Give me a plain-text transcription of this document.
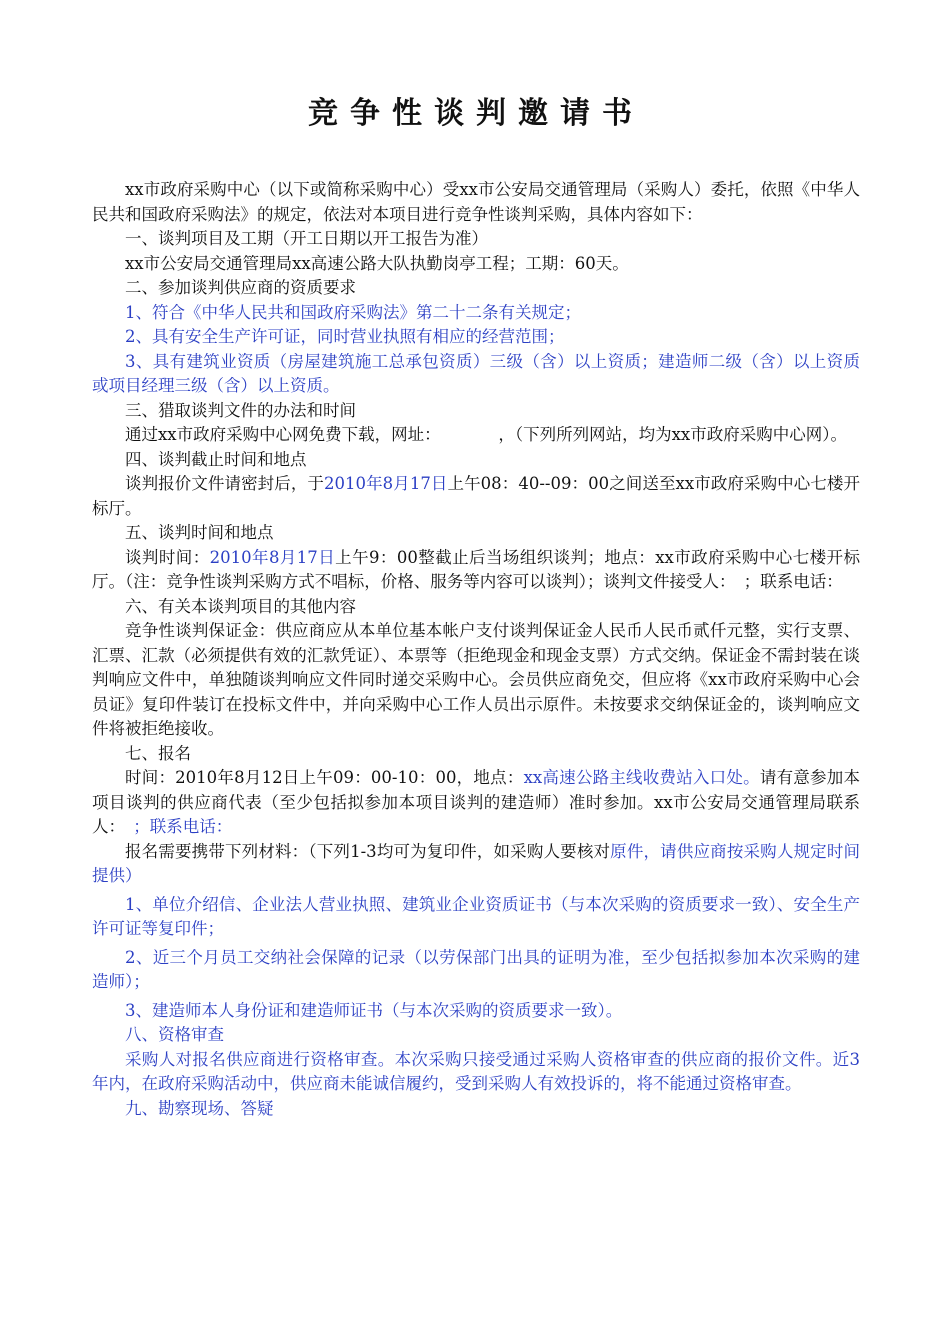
竞争性谈判邀请书

xx市政府采购中心（以下或简称采购中心）受xx市公安局交通管理局（采购人）委托，依照《中华人民共和国政府采购法》的规定，依法对本项目进行竞争性谈判采购，具体内容如下：

一、谈判项目及工期（开工日期以开工报告为准）

xx市公安局交通管理局xx高速公路大队执勤岗亭工程；工期：60天。

二、参加谈判供应商的资质要求

1、符合《中华人民共和国政府采购法》第二十二条有关规定；

2、具有安全生产许可证，同时营业执照有相应的经营范围；

3、具有建筑业资质（房屋建筑施工总承包资质）三级（含）以上资质；建造师二级（含）以上资质或项目经理三级（含）以上资质。

三、猎取谈判文件的办法和时间

通过xx市政府采购中心网免费下载，网址：　　　　，（下列所列网站，均为xx市政府采购中心网）。

四、谈判截止时间和地点

谈判报价文件请密封后，于2010年8月17日上午08：40--09：00之间送至xx市政府采购中心七楼开标厅。

五、谈判时间和地点

谈判时间：2010年8月17日上午9：00整截止后当场组织谈判；地点：xx市政府采购中心七楼开标厅。（注：竞争性谈判采购方式不唱标，价格、服务等内容可以谈判）；谈判文件接受人：　；联系电话：

六、有关本谈判项目的其他内容

竞争性谈判保证金：供应商应从本单位基本帐户支付谈判保证金人民币人民币贰仟元整，实行支票、汇票、汇款（必须提供有效的汇款凭证）、本票等（拒绝现金和现金支票）方式交纳。保证金不需封装在谈判响应文件中，单独随谈判响应文件同时递交采购中心。会员供应商免交，但应将《xx市政府采购中心会员证》复印件装订在投标文件中，并向采购中心工作人员出示原件。未按要求交纳保证金的，谈判响应文件将被拒绝接收。

七、报名

时间：2010年8月12日上午09：00-10：00，地点：xx高速公路主线收费站入口处。请有意参加本项目谈判的供应商代表（至少包括拟参加本项目谈判的建造师）准时参加。xx市公安局交通管理局联系人：　；联系电话：

报名需要携带下列材料：（下列1-3均可为复印件，如采购人要核对原件，请供应商按采购人规定时间提供）

1、单位介绍信、企业法人营业执照、建筑业企业资质证书（与本次采购的资质要求一致）、安全生产许可证等复印件；

2、近三个月员工交纳社会保障的记录（以劳保部门出具的证明为准，至少包括拟参加本次采购的建造师）；

3、建造师本人身份证和建造师证书（与本次采购的资质要求一致）。

八、资格审查

采购人对报名供应商进行资格审查。本次采购只接受通过采购人资格审查的供应商的报价文件。近3年内，在政府采购活动中，供应商未能诚信履约，受到采购人有效投诉的，将不能通过资格审查。

九、勘察现场、答疑
